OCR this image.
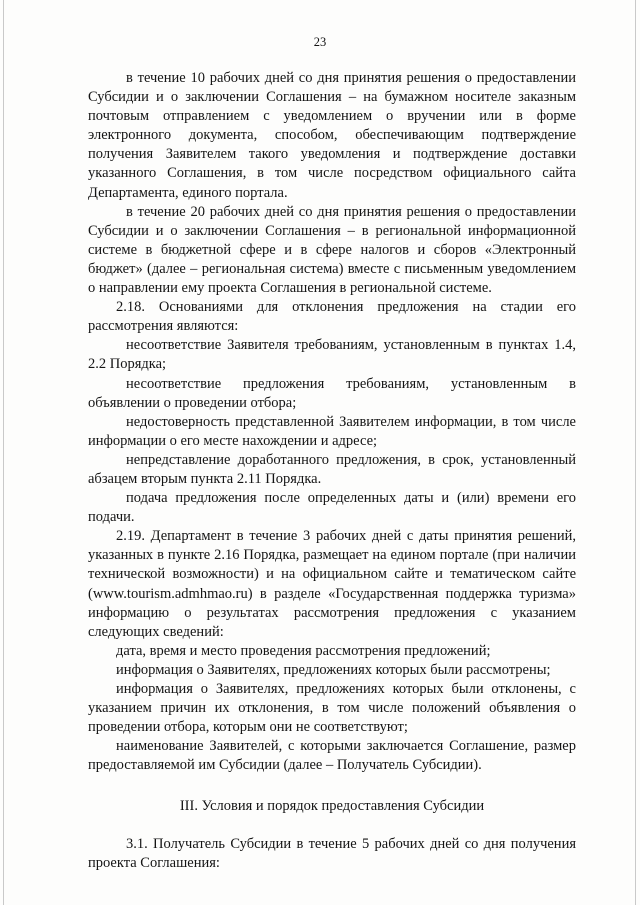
23

в течение 10 рабочих дней со дня принятия решения о предоставлении Субсидии и о заключении Соглашения – на бумажном носителе заказным почтовым отправлением с уведомлением о вручении или в форме электронного документа, способом, обеспечивающим подтверждение получения Заявителем такого уведомления и подтверждение доставки указанного Соглашения, в том числе посредством официального сайта Департамента, единого портала.

в течение 20 рабочих дней со дня принятия решения о предоставлении Субсидии и о заключении Соглашения – в региональной информационной системе в бюджетной сфере и в сфере налогов и сборов «Электронный бюджет» (далее – региональная система) вместе с письменным уведомлением о направлении ему проекта Соглашения в региональной системе.

2.18. Основаниями для отклонения предложения на стадии его рассмотрения являются:

несоответствие Заявителя требованиям, установленным в пунктах 1.4, 2.2 Порядка;

несоответствие предложения требованиям, установленным в объявлении о проведении отбора;

недостоверность представленной Заявителем информации, в том числе информации о его месте нахождении и адресе;

непредставление доработанного предложения, в срок, установленный абзацем вторым пункта 2.11 Порядка.

подача предложения после определенных даты и (или) времени его подачи.

2.19. Департамент в течение 3 рабочих дней с даты принятия решений, указанных в пункте 2.16 Порядка, размещает на едином портале (при наличии технической возможности) и на официальном сайте и тематическом сайте (www.tourism.admhmao.ru) в разделе «Государственная поддержка туризма» информацию о результатах рассмотрения предложения с указанием следующих сведений:

дата, время и место проведения рассмотрения предложений;

информация о Заявителях, предложениях которых были рассмотрены;

информация о Заявителях, предложениях которых были отклонены, с указанием причин их отклонения, в том числе положений объявления о проведении отбора, которым они не соответствуют;

наименование Заявителей, с которыми заключается Соглашение, размер предоставляемой им Субсидии (далее – Получатель Субсидии).

III. Условия и порядок предоставления Субсидии

3.1. Получатель Субсидии в течение 5 рабочих дней со дня получения проекта Соглашения:
